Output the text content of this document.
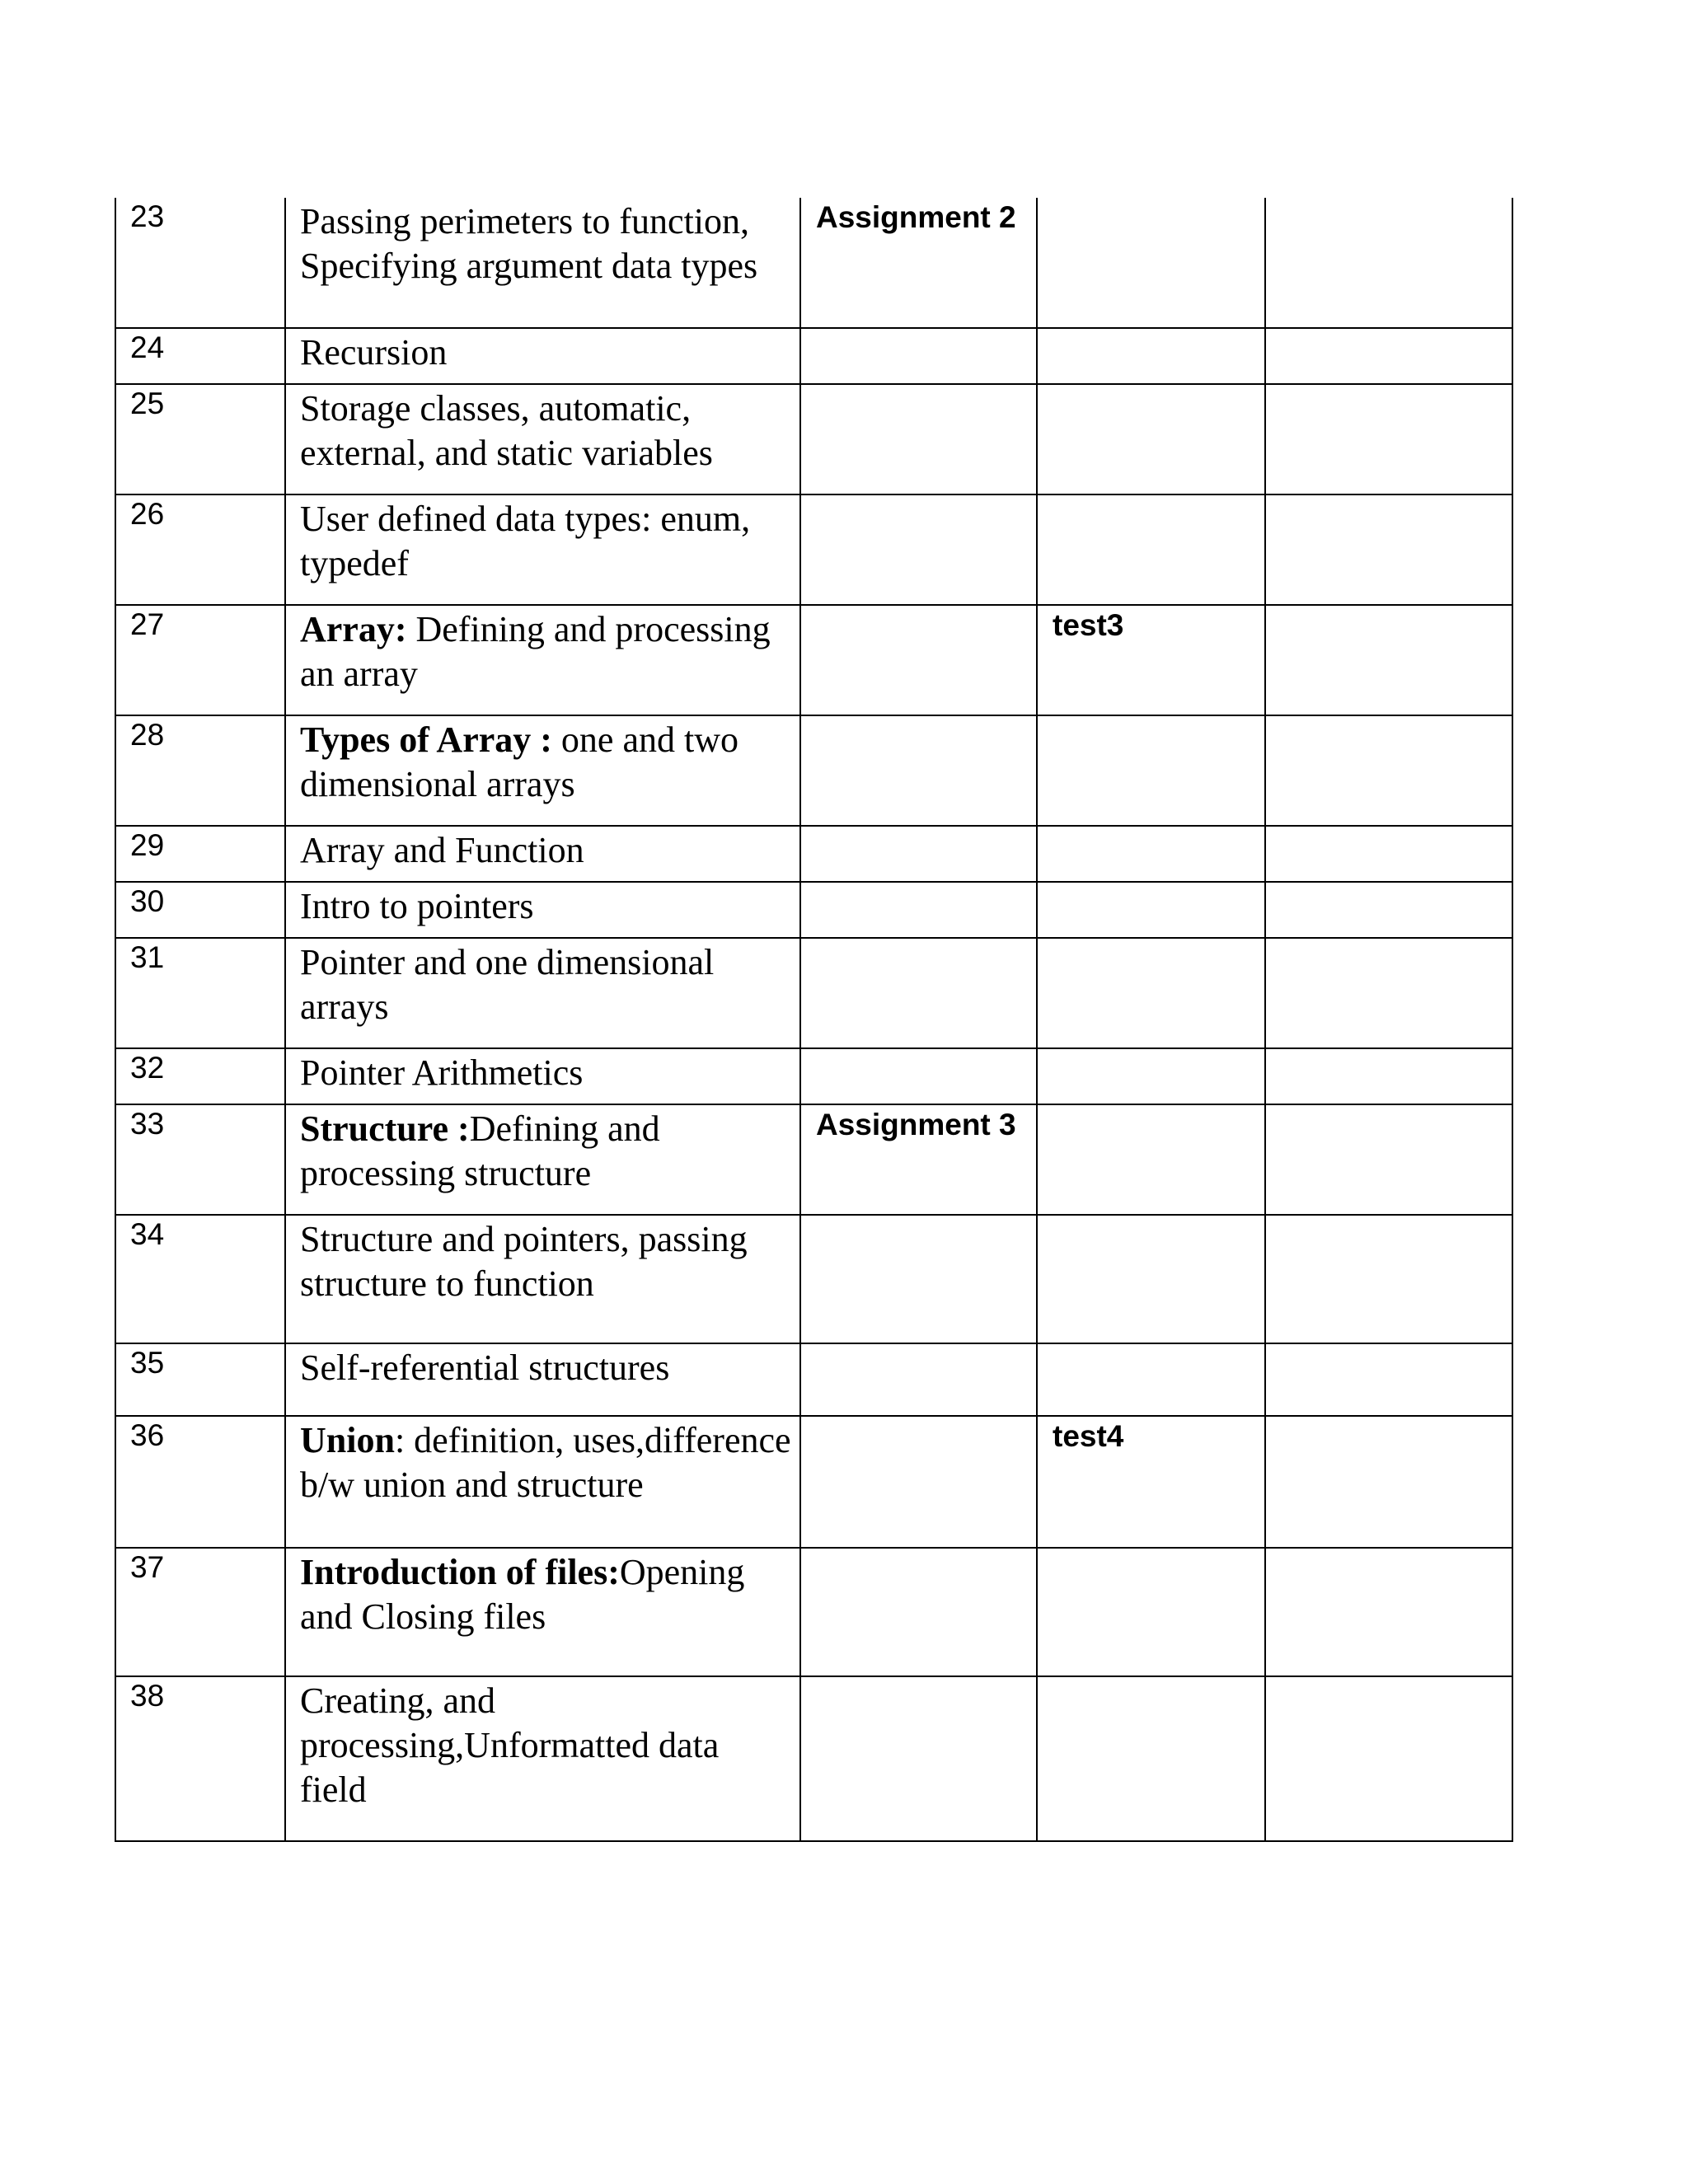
23	Passing perimeters to function, Specifying argument data types	Assignment 2		
24	Recursion			

25	Storage classes, automatic, external, and static variables			

26	User defined data types: enum, typedef			

27	Array: Defining and processing an array		test3	
28	Types of Array : one and two dimensional arrays			

29	Array and Function			

30	Intro to pointers			

31	Pointer and one dimensional arrays			

32	Pointer Arithmetics			

33	Structure :Defining and processing structure	Assignment 3		
34	Structure and pointers, passing structure to function			

35	Self-referential structures			

36	Union: definition, uses,difference b/w union and structure		test4	
37	Introduction of files:Opening and Closing files			

38	Creating, and processing,Unformatted data field			
